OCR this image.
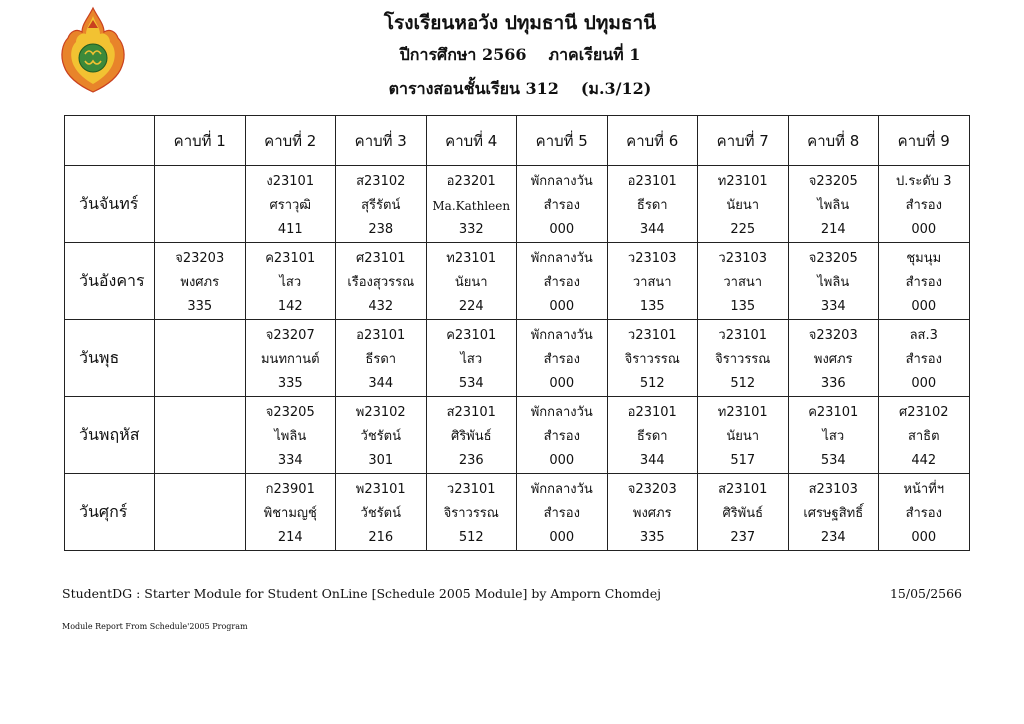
โรงเรียนหอวัง ปทุมธานี ปทุมธานี
ปีการศึกษา 2566 ภาคเรียนที่ 1
ตารางสอนชั้นเรียน 312 (ม.3/12)
	คาบที่ 1	คาบที่ 2	คาบที่ 3	คาบที่ 4	คาบที่ 5	คาบที่ 6	คาบที่ 7	คาบที่ 8	คาบที่ 9
วันจันทร์		ง23101
ศราวุฒิ
411	ส23102
สุรีรัตน์
238	อ23201
Ma.Kathleen
332	พักกลางวัน
สำรอง
000	อ23101
ธีรดา
344	ท23101
นัยนา
225	จ23205
ไพลิน
214	ป.ระดับ 3
สำรอง
000

วันอังคาร	จ23203
พงศภร
335	ค23101
ไสว
142	ศ23101
เรืองสุวรรณ
432	ท23101
นัยนา
224	พักกลางวัน
สำรอง
000	ว23103
วาสนา
135	ว23103
วาสนา
135	จ23205
ไพลิน
334	ชุมนุม
สำรอง
000

วันพุธ		จ23207
มนทกานต์
335	อ23101
ธีรดา
344	ค23101
ไสว
534	พักกลางวัน
สำรอง
000	ว23101
จิราวรรณ
512	ว23101
จิราวรรณ
512	จ23203
พงศภร
336	ลส.3
สำรอง
000

วันพฤหัส		จ23205
ไพลิน
334	พ23102
วัชรัตน์
301	ส23101
ศิริพันธ์
236	พักกลางวัน
สำรอง
000	อ23101
ธีรดา
344	ท23101
นัยนา
517	ค23101
ไสว
534	ศ23102
สาธิต
442

วันศุกร์		ก23901
พิชามญชุ์
214	พ23101
วัชรัตน์
216	ว23101
จิราวรรณ
512	พักกลางวัน
สำรอง
000	จ23203
พงศภร
335	ส23101
ศิริพันธ์
237	ส23103
เศรษฐสิทธิ์
234	หน้าที่ฯ
สำรอง
000
StudentDG : Starter Module for Student OnLine [Schedule 2005 Module] by Amporn Chomdej	15/05/2566
Module Report From Schedule'2005 Program
